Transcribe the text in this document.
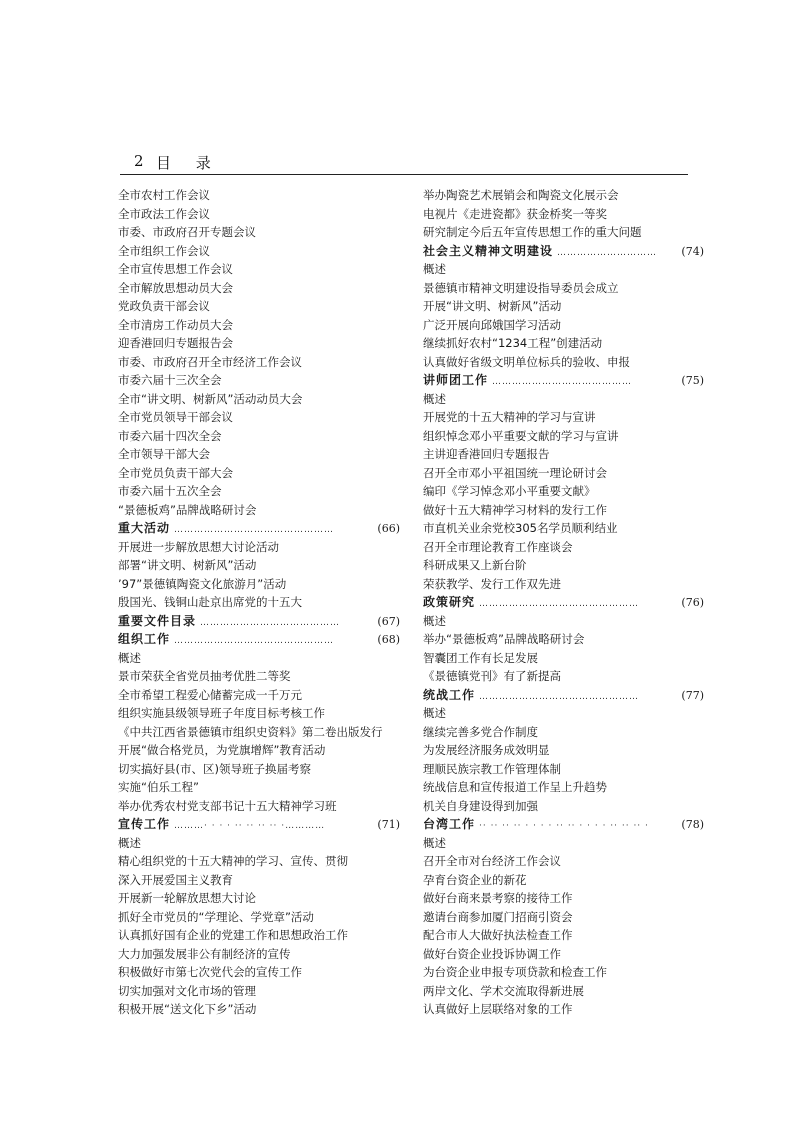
2 目 录
全市农村工作会议
全市政法工作会议
市委、市政府召开专题会议
全市组织工作会议
全市宣传思想工作会议
全市解放思想动员大会
党政负责干部会议
全市清房工作动员大会
迎香港回归专题报告会
市委、市政府召开全市经济工作会议
市委六届十三次全会
全市“讲文明、树新风”活动动员大会
全市党员领导干部会议
市委六届十四次全会
全市领导干部大会
全市党员负责干部大会
市委六届十五次全会
“景德板鸡”品牌战略研讨会
重大活动 …………………………………………	(66)
开展进一步解放思想大讨论活动
部署“讲文明、树新风”活动
’97”景德镇陶瓷文化旅游月”活动
殷国光、钱铜山赴京出席党的十五大
重要文件目录 ……………………………………	(67)
组织工作 …………………………………………	(68)
概述
景市荣获全省党员抽考优胜二等奖
全市希望工程爱心储蓄完成一千万元
组织实施县级领导班子年度目标考核工作
《中共江西省景德镇市组织史资料》第二卷出版发行
开展“做合格党员，为党旗增辉”教育活动
切实搞好县(市、区)领导班子换届考察
实施“伯乐工程”
举办优秀农村党支部书记十五大精神学习班
宣传工作 ………· · · · ·· ·· ·· ·· ·…………	(71)
概述
精心组织党的十五大精神的学习、宣传、贯彻
深入开展爱国主义教育
开展新一轮解放思想大讨论
抓好全市党员的“学理论、学党章”活动
认真抓好国有企业的党建工作和思想政治工作
大力加强发展非公有制经济的宣传
积极做好市第七次党代会的宣传工作
切实加强对文化市场的管理
积极开展“送文化下乡”活动
举办陶瓷艺术展销会和陶瓷文化展示会
电视片《走进瓷都》获金桥奖一等奖
研究制定今后五年宣传思想工作的重大问题
社会主义精神文明建设 …………………………	(74)
概述
景德镇市精神文明建设指导委员会成立
开展“讲文明、树新风”活动
广泛开展向邱娥国学习活动
继续抓好农村“1234工程”创建活动
认真做好省级文明单位标兵的验收、申报
讲师团工作 ……………………………………	(75)
概述
开展党的十五大精神的学习与宣讲
组织悼念邓小平重要文献的学习与宣讲
主讲迎香港回归专题报告
召开全市邓小平祖国统一理论研讨会
编印《学习悼念邓小平重要文献》
做好十五大精神学习材料的发行工作
市直机关业余党校305名学员顺利结业
召开全市理论教育工作座谈会
科研成果又上新台阶
荣获教学、发行工作双先进
政策研究 …………………………………………	(76)
概述
举办“景德板鸡”品牌战略研讨会
智囊团工作有长足发展
《景德镇党刊》有了新提高
统战工作 …………………………………………	(77)
概述
继续完善多党合作制度
为发展经济服务成效明显
理顺民族宗教工作管理体制
统战信息和宣传报道工作呈上升趋势
机关自身建设得到加强
台湾工作 ·· ·· ·· ·· · · · · ·· ·· · · · · ·· ·· ·· ·	(78)
概述
召开全市对台经济工作会议
孕育台资企业的新花
做好台商来景考察的接待工作
邀请台商参加厦门招商引资会
配合市人大做好执法检查工作
做好台资企业投诉协调工作
为台资企业申报专项贷款和检查工作
两岸文化、学术交流取得新进展
认真做好上层联络对象的工作
